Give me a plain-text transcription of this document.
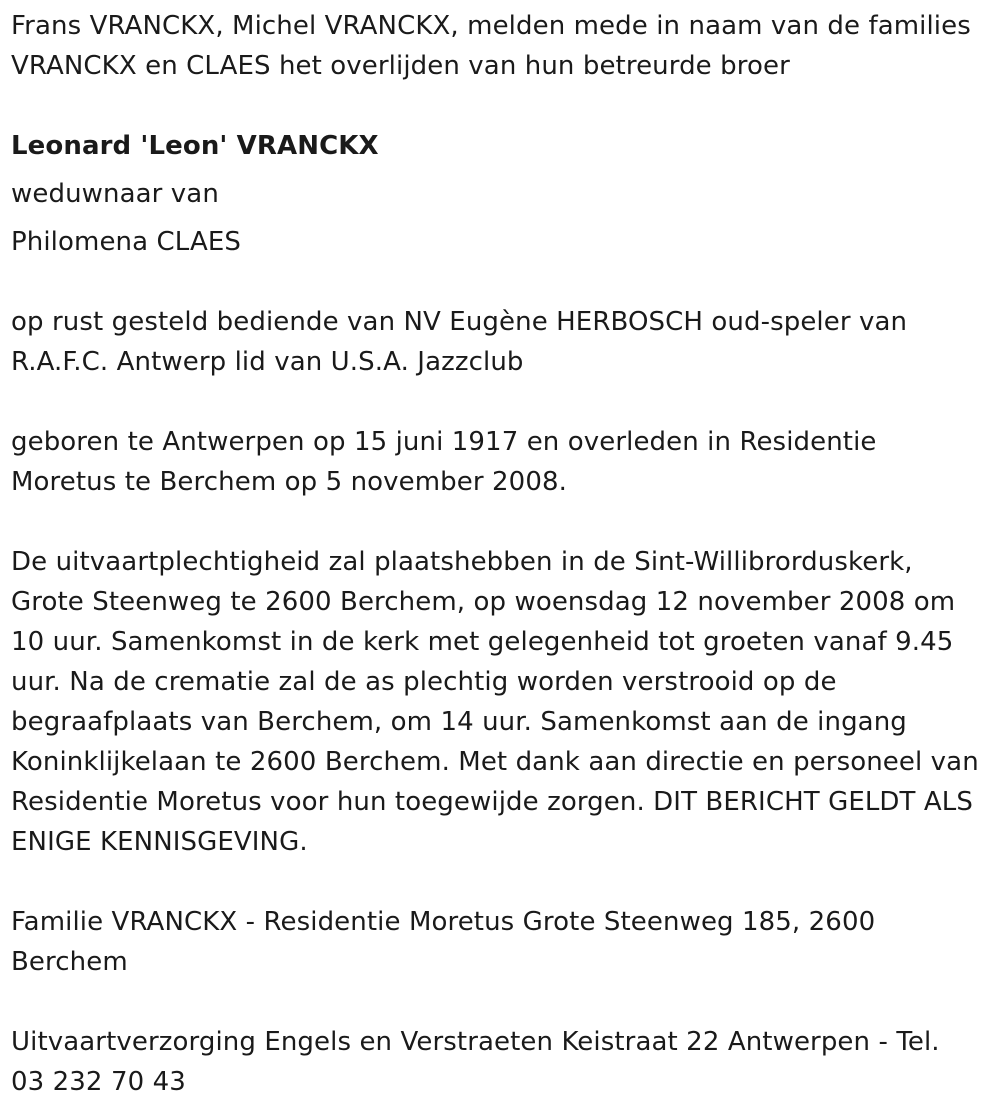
Frans VRANCKX, Michel VRANCKX, melden mede in naam van de families
VRANCKX en CLAES het overlijden van hun betreurde broer
Leonard 'Leon' VRANCKX
weduwnaar van
Philomena CLAES
op rust gesteld bediende van NV Eugène HERBOSCH oud-speler van
R.A.F.C. Antwerp lid van U.S.A. Jazzclub
geboren te Antwerpen op 15 juni 1917 en overleden in Residentie
Moretus te Berchem op 5 november 2008.
De uitvaartplechtigheid zal plaatshebben in de Sint-Willibrorduskerk,
Grote Steenweg te 2600 Berchem, op woensdag 12 november 2008 om
10 uur. Samenkomst in de kerk met gelegenheid tot groeten vanaf 9.45
uur. Na de crematie zal de as plechtig worden verstrooid op de
begraafplaats van Berchem, om 14 uur. Samenkomst aan de ingang
Koninklijkelaan te 2600 Berchem. Met dank aan directie en personeel van
Residentie Moretus voor hun toegewijde zorgen. DIT BERICHT GELDT ALS
ENIGE KENNISGEVING.
Familie VRANCKX - Residentie Moretus Grote Steenweg 185, 2600
Berchem
Uitvaartverzorging Engels en Verstraeten Keistraat 22 Antwerpen - Tel.
03 232 70 43
